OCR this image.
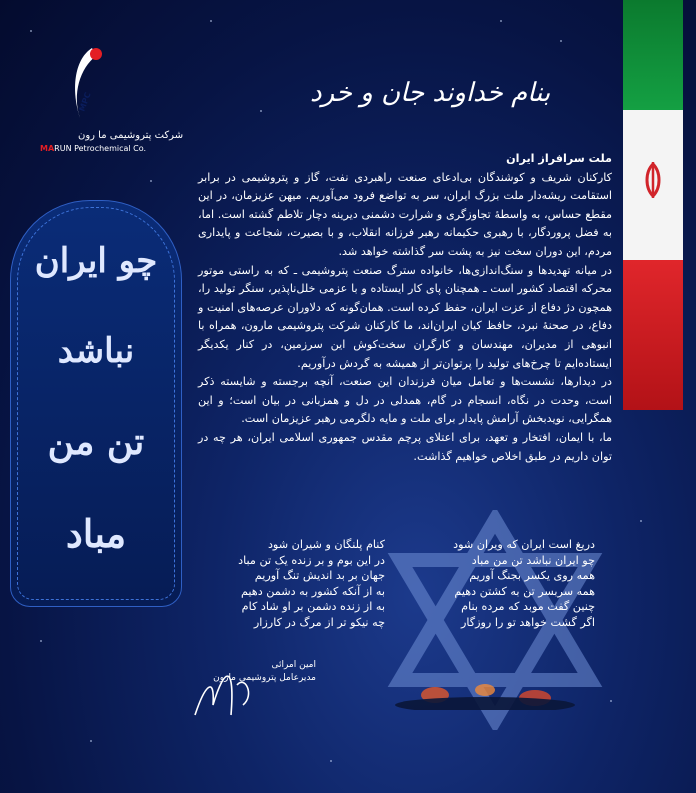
MPC
شرکت پتروشیمی ما رون
MARUN Petrochemical Co.
بنام خداوند جان و خرد

ملت سرافراز ایران

کارکنان شریف و کوشندگان بی‌ادعای صنعت راهبردی نفت، گاز و پتروشیمی در برابر استقامت ریشه‌دار ملت بزرگ ایران، سر به تواضع فرود می‌آوریم. میهن عزیزمان، در این مقطع حساس، به واسطهٔ تجاوزگری و شرارت دشمنی دیرینه دچار تلاطم گشته است. اما، به فضل پروردگار، با رهبری حکیمانه رهبر فرزانه انقلاب، و با بصیرت، شجاعت و پایداری مردم، این دوران سخت نیز به پشت سر گذاشته خواهد شد.

در میانه تهدیدها و سنگ‌اندازی‌ها، خانواده سترگ صنعت پتروشیمی ـ که به راستی موتور محرکه اقتصاد کشور است ـ همچنان پای کار ایستاده و با عزمی خلل‌ناپذیر، سنگر تولید را، همچون دژ دفاع از عزت ایران، حفظ کرده است. همان‌گونه که دلاوران عرصه‌های امنیت و دفاع، در صحنهٔ نبرد، حافظ کیان ایران‌اند، ما کارکنان شرکت پتروشیمی مارون، همراه با انبوهی از مدیران، مهندسان و کارگران سخت‌کوش این سرزمین، در کنار یکدیگر ایستاده‌ایم تا چرخ‌های تولید را پرتوان‌تر از همیشه به گردش درآوریم.

در دیدارها، نشست‌ها و تعامل میان فرزندان این صنعت، آنچه برجسته و شایسته ذکر است، وحدت در نگاه، انسجام در گام، همدلی در دل و همزبانی در بیان است؛ و این همگرایی، نویدبخش آرامش پایدار برای ملت و مایه دلگرمی رهبر عزیزمان است.

ما، با ایمان، افتخار و تعهد، برای اعتلای پرچم مقدس جمهوری اسلامی ایران، هر چه در توان داریم در طبق اخلاص خواهیم گذاشت.

چو ایران
نباشد
تن من
مباد	دریغ است ایران که ویران شود

چو ایران نباشد تن من مباد

همه روی یکسر بجنگ آوریم

همه سربسر تن به کشتن دهیم

چنین گفت موبد که مرده بنام

اگر گشت خواهد تو را روزگار

کنام پلنگان و شیران شود

در این بوم و بر زنده یک تن مباد

جهان بر بد اندیش تنگ آوریم

به از آنکه کشور به دشمن دهیم

به از زنده دشمن بر او شاد کام

چه نیکو تر از مرگ در کارزار

امین امرائی
مدیرعامل پتروشیمی مارون
